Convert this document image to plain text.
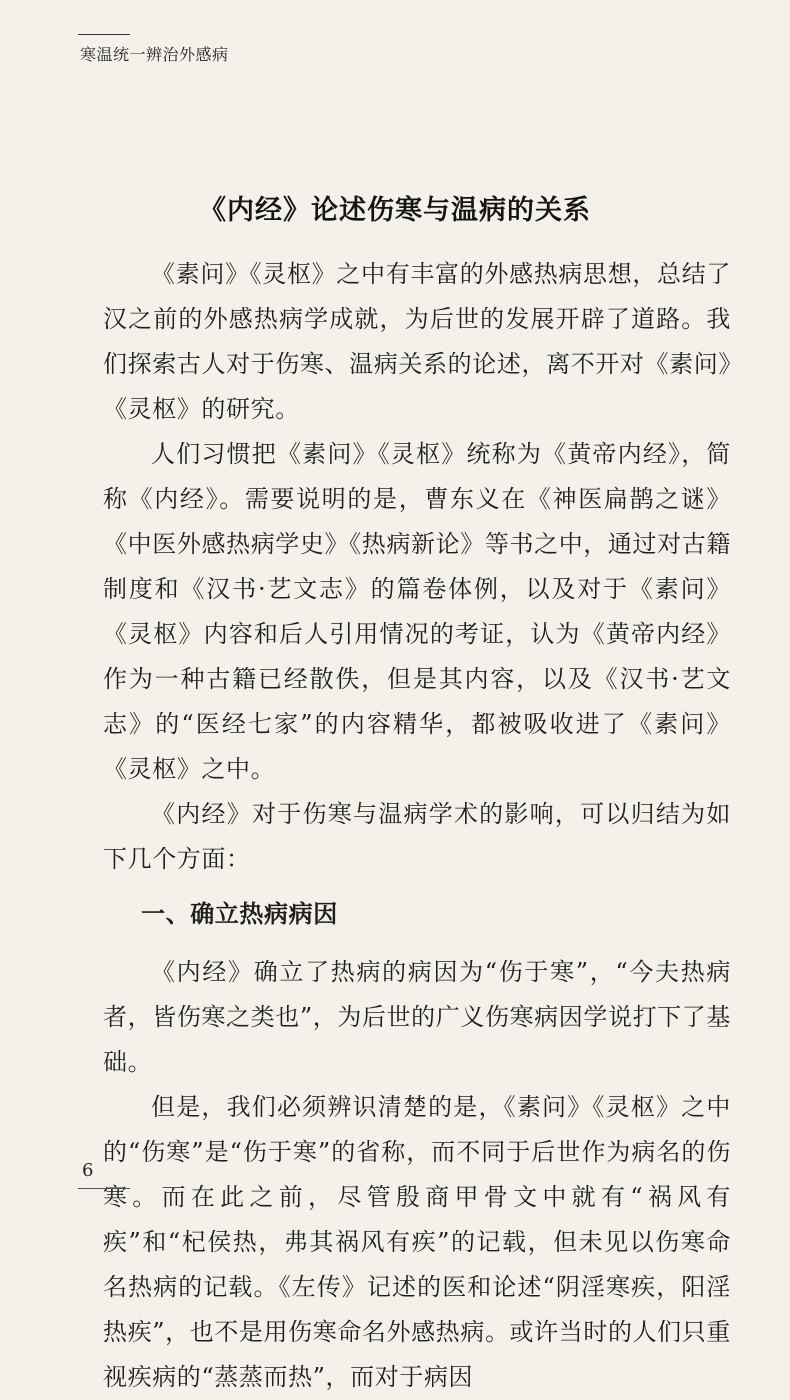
寒温统一辨治外感病
《内经》论述伤寒与温病的关系

《素问》《灵枢》之中有丰富的外感热病思想，总结了汉之前的外感热病学成就，为后世的发展开辟了道路。我们探索古人对于伤寒、温病关系的论述，离不开对《素问》《灵枢》的研究。

人们习惯把《素问》《灵枢》统称为《黄帝内经》，简称《内经》。需要说明的是，曹东义在《神医扁鹊之谜》《中医外感热病学史》《热病新论》等书之中，通过对古籍制度和《汉书·艺文志》的篇卷体例，以及对于《素问》《灵枢》内容和后人引用情况的考证，认为《黄帝内经》作为一种古籍已经散佚，但是其内容，以及《汉书·艺文志》的“医经七家”的内容精华，都被吸收进了《素问》《灵枢》之中。

《内经》对于伤寒与温病学术的影响，可以归结为如下几个方面：

一、确立热病病因

《内经》确立了热病的病因为“伤于寒”，“今夫热病者，皆伤寒之类也”，为后世的广义伤寒病因学说打下了基础。

但是，我们必须辨识清楚的是，《素问》《灵枢》之中的“伤寒”是“伤于寒”的省称，而不同于后世作为病名的伤寒。而在此之前，尽管殷商甲骨文中就有“祸风有疾”和“杞侯热，弗其祸风有疾”的记载，但未见以伤寒命名热病的记载。《左传》记述的医和论述“阴淫寒疾，阳淫热疾”，也不是用伤寒命名外感热病。或许当时的人们只重视疾病的“蒸蒸而热”，而对于病因

6
